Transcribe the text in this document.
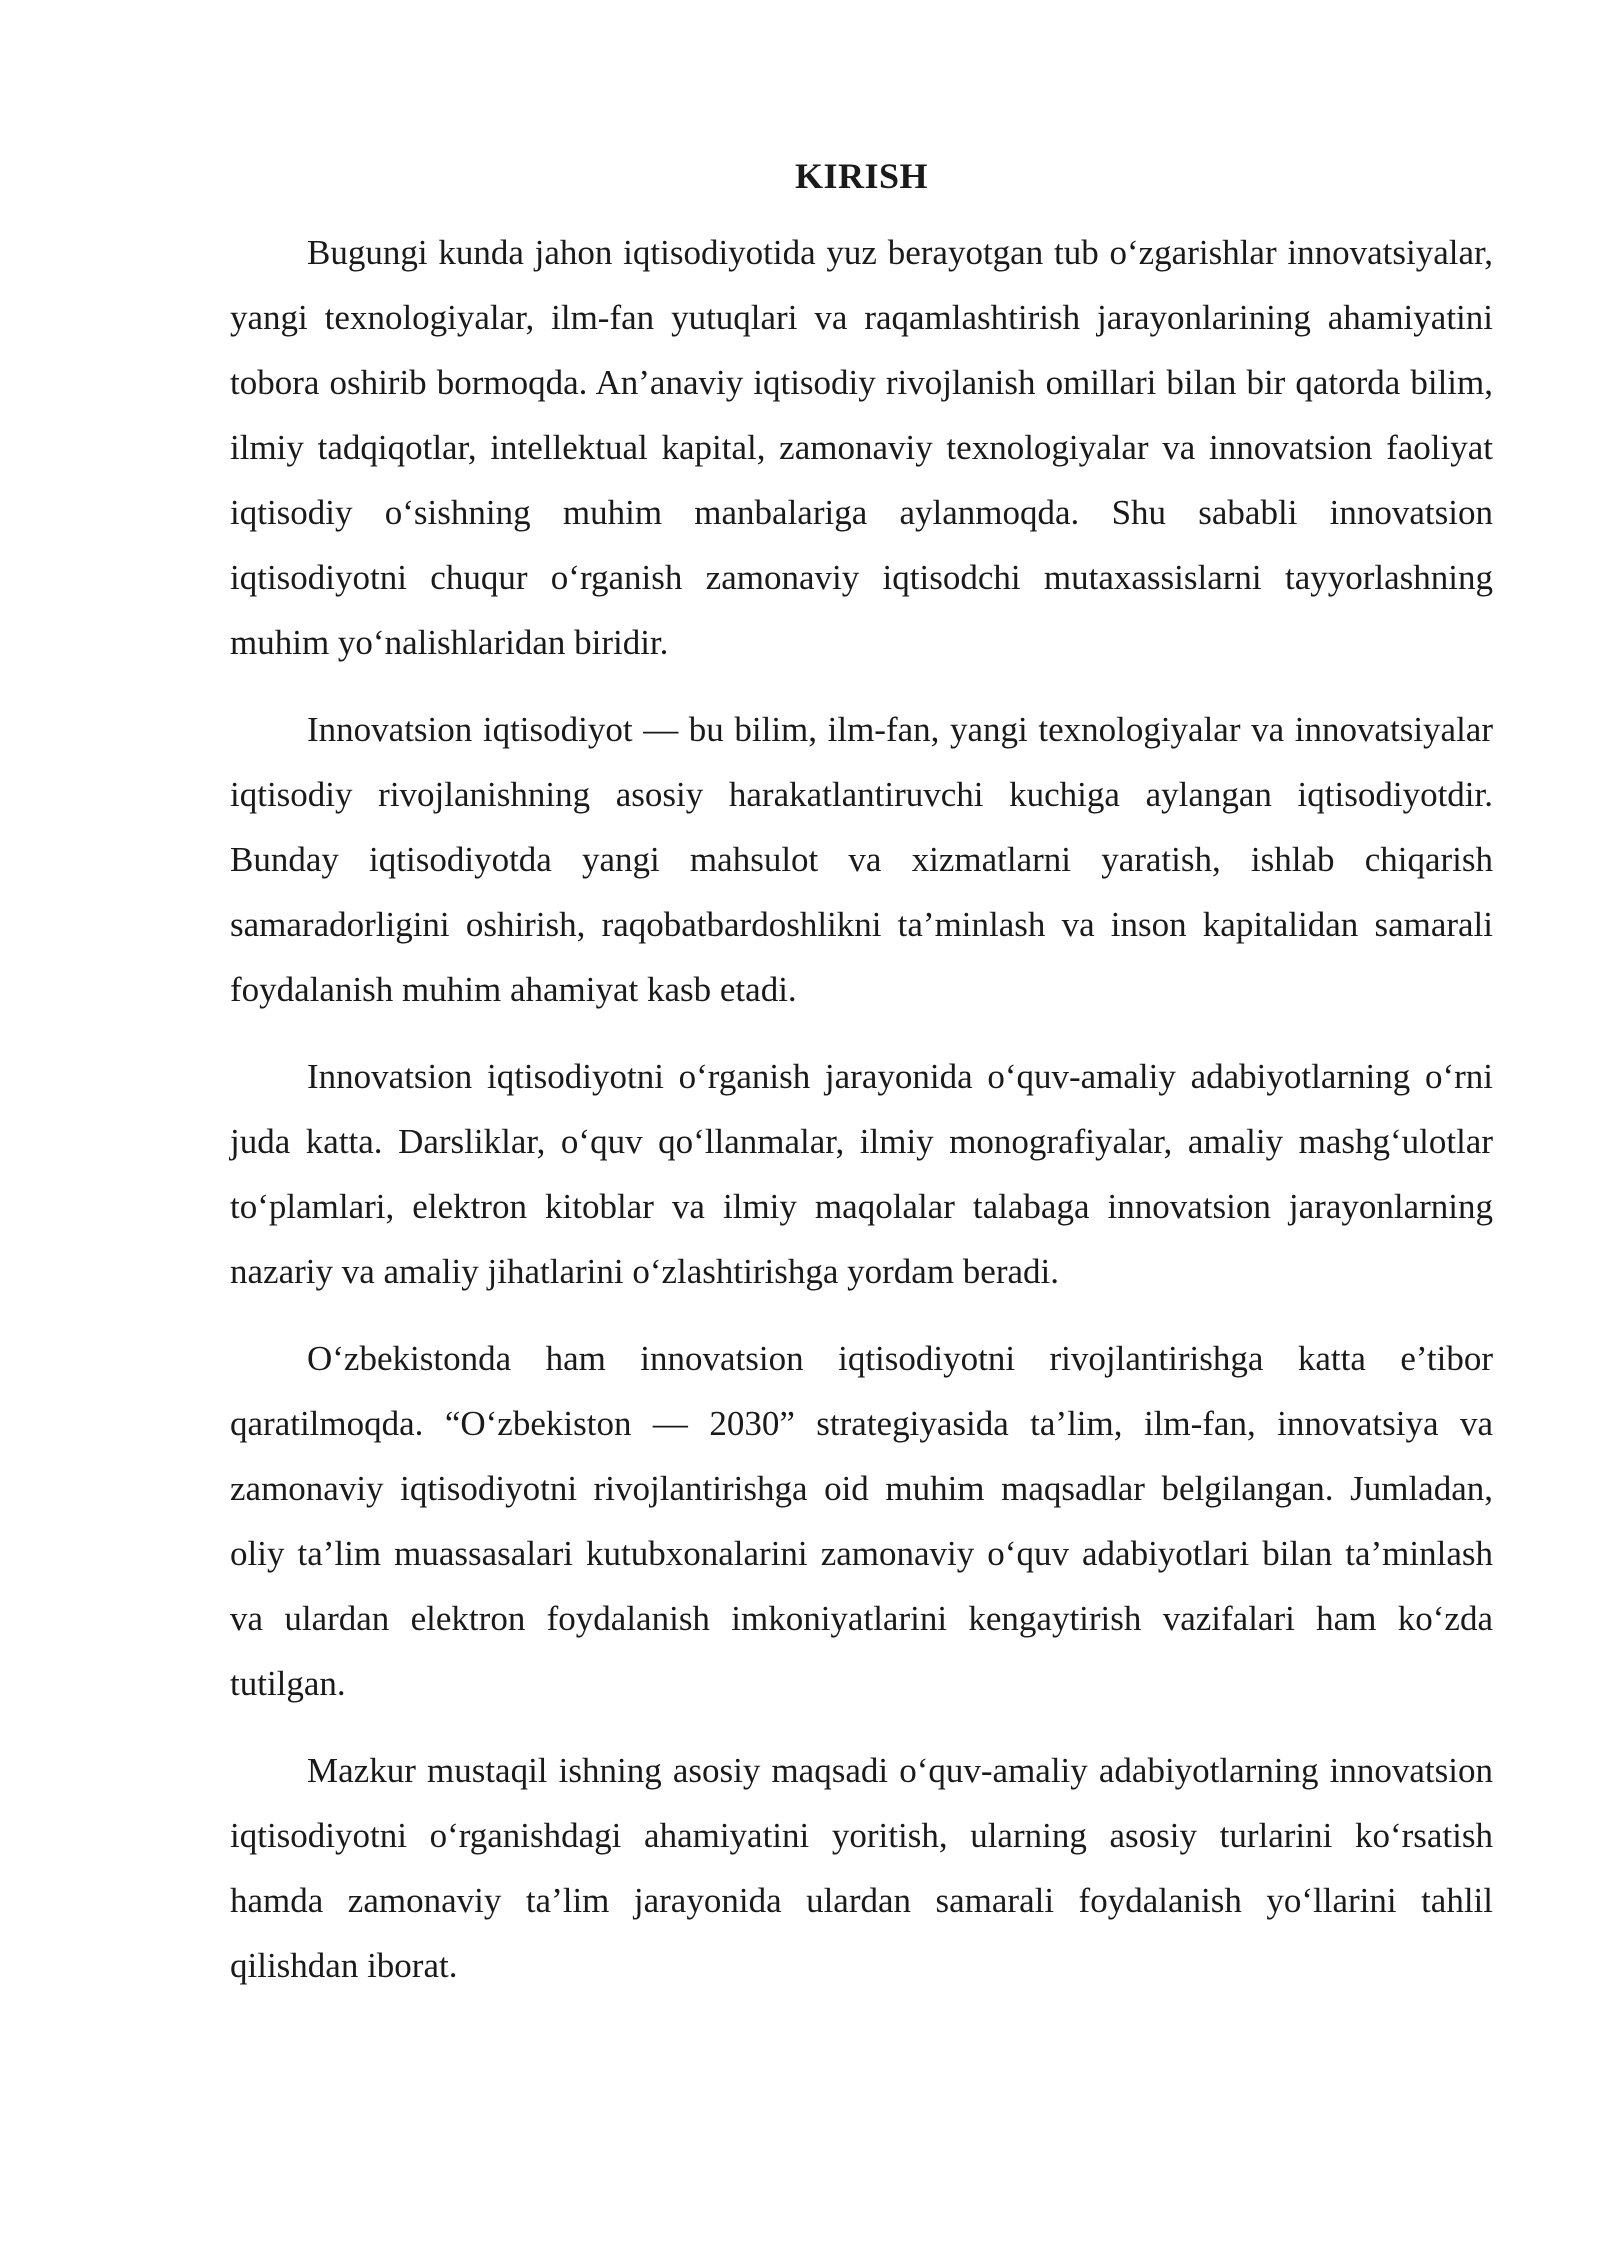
KIRISH

Bugungi kunda jahon iqtisodiyotida yuz berayotgan tub o‘zgarishlar innovatsiyalar, yangi texnologiyalar, ilm-fan yutuqlari va raqamlashtirish jarayonlarining ahamiyatini tobora oshirib bormoqda. An’anaviy iqtisodiy rivojlanish omillari bilan bir qatorda bilim, ilmiy tadqiqotlar, intellektual kapital, zamonaviy texnologiyalar va innovatsion faoliyat iqtisodiy o‘sishning muhim manbalariga aylanmoqda. Shu sababli innovatsion iqtisodiyotni chuqur o‘rganish zamonaviy iqtisodchi mutaxassislarni tayyorlashning muhim yo‘nalishlaridan biridir.

Innovatsion iqtisodiyot — bu bilim, ilm-fan, yangi texnologiyalar va innovatsiyalar iqtisodiy rivojlanishning asosiy harakatlantiruvchi kuchiga aylangan iqtisodiyotdir. Bunday iqtisodiyotda yangi mahsulot va xizmatlarni yaratish, ishlab chiqarish samaradorligini oshirish, raqobatbardoshlikni ta’minlash va inson kapitalidan samarali foydalanish muhim ahamiyat kasb etadi.

Innovatsion iqtisodiyotni o‘rganish jarayonida o‘quv-amaliy adabiyotlarning o‘rni juda katta. Darsliklar, o‘quv qo‘llanmalar, ilmiy monografiyalar, amaliy mashg‘ulotlar to‘plamlari, elektron kitoblar va ilmiy maqolalar talabaga innovatsion jarayonlarning nazariy va amaliy jihatlarini o‘zlashtirishga yordam beradi.

O‘zbekistonda ham innovatsion iqtisodiyotni rivojlantirishga katta e’tibor qaratilmoqda. “O‘zbekiston — 2030” strategiyasida ta’lim, ilm-fan, innovatsiya va zamonaviy iqtisodiyotni rivojlantirishga oid muhim maqsadlar belgilangan. Jumladan, oliy ta’lim muassasalari kutubxonalarini zamonaviy o‘quv adabiyotlari bilan ta’minlash va ulardan elektron foydalanish imkoniyatlarini kengaytirish vazifalari ham ko‘zda tutilgan.

Mazkur mustaqil ishning asosiy maqsadi o‘quv-amaliy adabiyotlarning innovatsion iqtisodiyotni o‘rganishdagi ahamiyatini yoritish, ularning asosiy turlarini ko‘rsatish hamda zamonaviy ta’lim jarayonida ulardan samarali foydalanish yo‘llarini tahlil qilishdan iborat.
